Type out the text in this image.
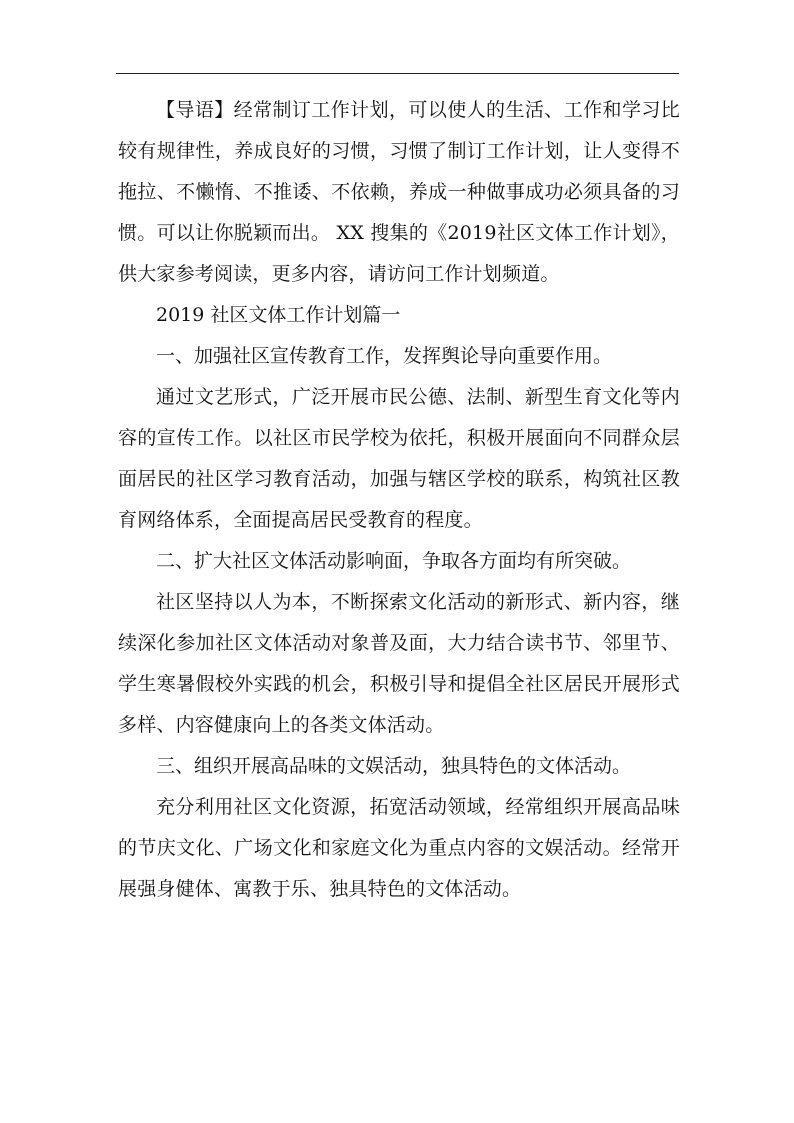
【导语】经常制订工作计划，可以使人的生活、工作和学习比较有规律性，养成良好的习惯，习惯了制订工作计划，让人变得不拖拉、不懒惰、不推诿、不依赖，养成一种做事成功必须具备的习惯。可以让你脱颖而出。 XX 搜集的《2019社区文体工作计划》，供大家参考阅读，更多内容，请访问工作计划频道。

2019 社区文体工作计划篇一

一、加强社区宣传教育工作，发挥舆论导向重要作用。

通过文艺形式，广泛开展市民公德、法制、新型生育文化等内容的宣传工作。以社区市民学校为依托，积极开展面向不同群众层面居民的社区学习教育活动，加强与辖区学校的联系，构筑社区教育网络体系，全面提高居民受教育的程度。

二、扩大社区文体活动影响面，争取各方面均有所突破。

社区坚持以人为本，不断探索文化活动的新形式、新内容，继续深化参加社区文体活动对象普及面，大力结合读书节、邻里节、学生寒暑假校外实践的机会，积极引导和提倡全社区居民开展形式多样、内容健康向上的各类文体活动。

三、组织开展高品味的文娱活动，独具特色的文体活动。

充分利用社区文化资源，拓宽活动领域，经常组织开展高品味的节庆文化、广场文化和家庭文化为重点内容的文娱活动。经常开展强身健体、寓教于乐、独具特色的文体活动。
